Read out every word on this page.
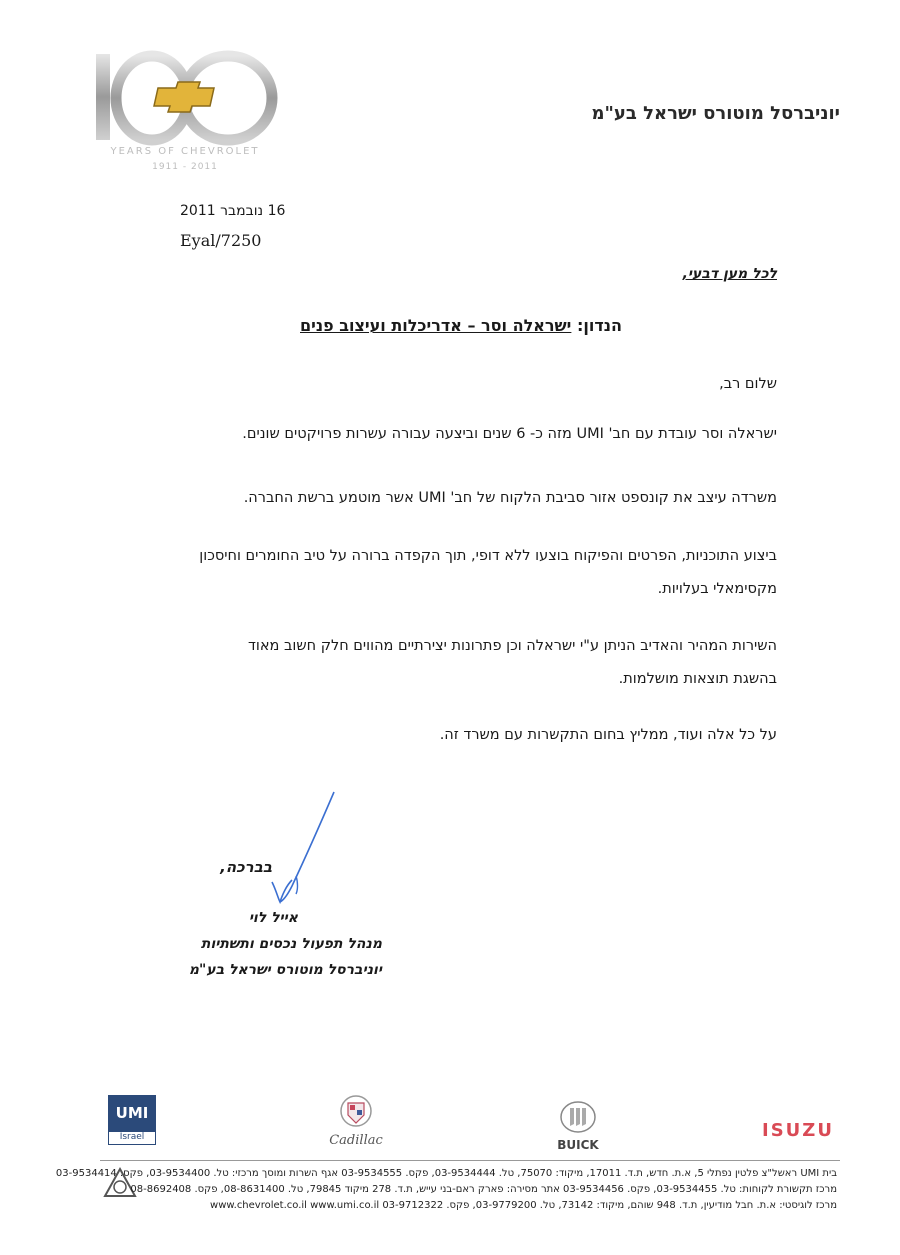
YEARS OF CHEVROLET
1911 - 2011
יוניברסל מוטורס ישראל בע"מ
16 נובמבר 2011
Eyal/7250
לכל מען דבעי,
הנדון: ישראלה וסר – אדריכלות ועיצוב פנים
שלום רב,
ישראלה וסר עובדת עם חב' UMI מזה כ- 6 שנים וביצעה עבורה עשרות פרויקטים שונים.
משרדה עיצב את קונספט אזור סביבת הלקוח של חב' UMI אשר מוטמע ברשת החברה.
ביצוע התוכניות, הפרטים והפיקוח בוצעו ללא דופי, תוך הקפדה ברורה על טיב החומרים וחיסכון מקסימאלי בעלויות.
השירות המהיר והאדיב הניתן ע"י ישראלה וכן פתרונות יצירתיים מהווים חלק חשוב מאוד בהשגת תוצאות מושלמות.
על כל אלה ועוד, ממליץ בחום התקשרות עם משרד זה.
בברכה,
אייל לוי
מנהל תפעול נכסים ותשתיות
יוניברסל מוטורס ישראל בע"מ
UMI
Israel	Cadillac	BUICK
ISUZU
בית UMI ראשל"צ פלטין נפתלי 5, א.ת. חדש, ת.ד. 17011, מיקוד: 75070, טל. 03-9534444, פקס. 03-9534555 אגף השרות ומוסך מרכזי: טל. 03-9534400, פקס. 03-9534414
מרכז תקשורת לקוחות: טל. 03-9534455, פקס. 03-9534456 אתר מסירה: פארק ראם-בני עייש, ת.ד. 278 מיקוד 79845, טל. 08-8631400, פקס. 08-8692408
מרכז לוגיסטי: א.ת. חבל מודיעין, ת.ד. 948 שוהם, מיקוד: 73142, טל. 03-9779200, פקס. 03-9712322 www.chevrolet.co.il www.umi.co.il
